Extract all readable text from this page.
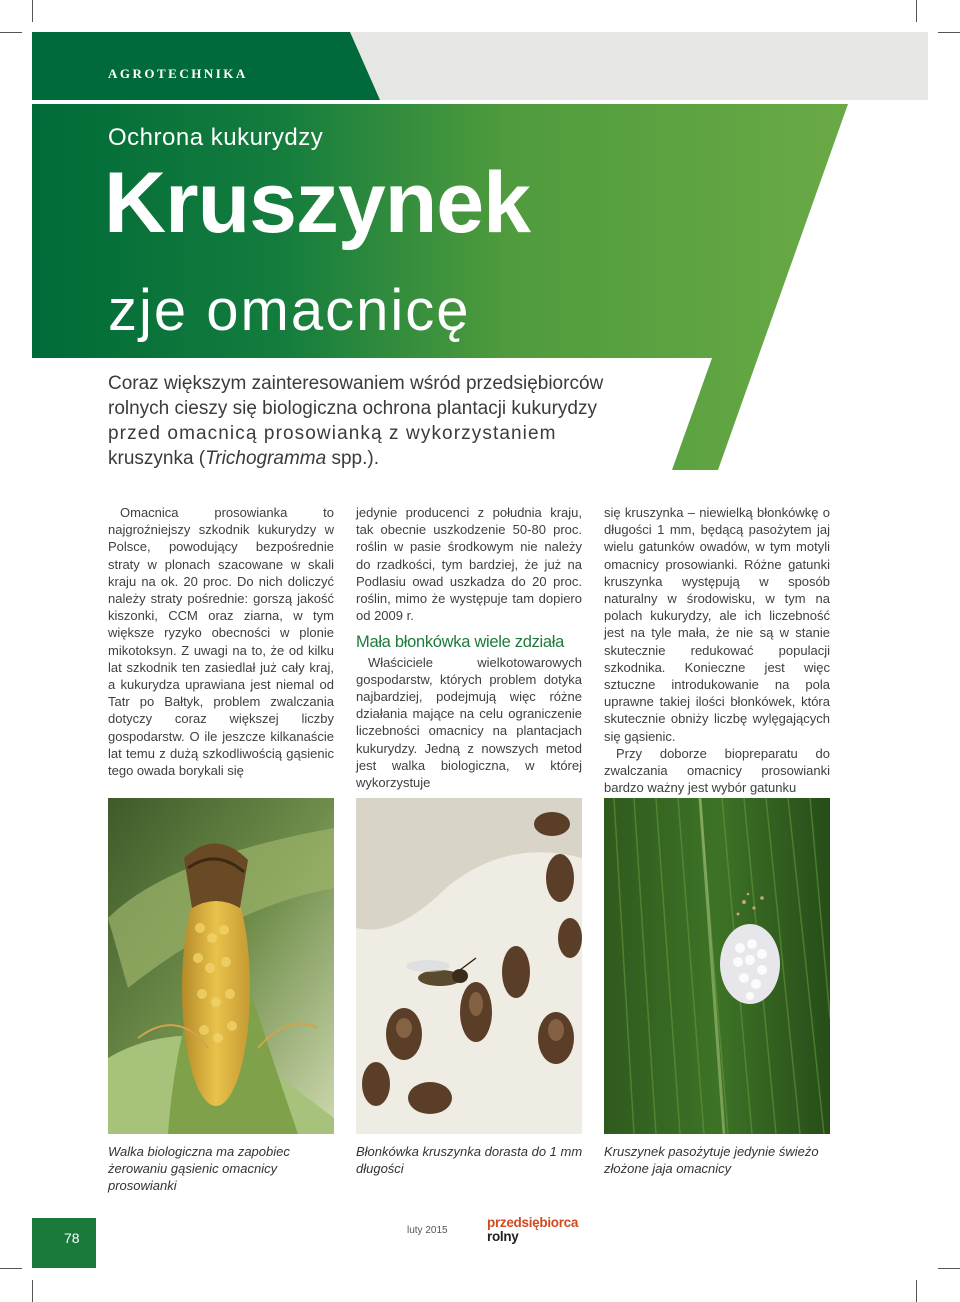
AGROTECHNIKA
Ochrona kukurydzy
Kruszynek
zje omacnicę
Coraz większym zainteresowaniem wśród przedsiębiorców
rolnych cieszy się biologiczna ochrona plantacji kukurydzy
przed omacnicą prosowianką z wykorzystaniem
kruszynka (Trichogramma spp.).

Omacnica prosowianka to najgroźniejszy szkodnik kukurydzy w Polsce, powodujący bezpośrednie straty w plonach szacowane w skali kraju na ok. 20 proc. Do nich doliczyć należy straty pośrednie: gorszą jakość kiszonki, CCM oraz ziarna, w tym większe ryzyko obecności w plonie mikotoksyn. Z uwagi na to, że od kilku lat szkodnik ten zasiedlał już cały kraj, a kukurydza uprawiana jest niemal od Tatr po Bałtyk, problem zwalczania dotyczy coraz większej liczby gospodarstw. O ile jeszcze kilkanaście lat temu z dużą szkodliwością gąsienic tego owada borykali się

jedynie producenci z południa kraju, tak obecnie uszkodzenie 50-80 proc. roślin w pasie środkowym nie należy do rzadkości, tym bardziej, że już na Podlasiu owad uszkadza do 20 proc. roślin, mimo że występuje tam dopiero od 2009 r.

Mała błonkówka wiele zdziała

Właściciele wielkotowarowych gospodarstw, których problem dotyka najbardziej, podejmują więc różne działania mające na celu ograniczenie liczebności omacnicy na plantacjach kukurydzy. Jedną z nowszych metod jest walka biologiczna, w której wykorzystuje

się kruszynka – niewielką błonkówkę o długości 1 mm, będącą pasożytem jaj wielu gatunków owadów, w tym motyli omacnicy prosowianki. Różne gatunki kruszynka występują w sposób naturalny w środowisku, w tym na polach kukurydzy, ale ich liczebność jest na tyle mała, że nie są w stanie skutecznie redukować populacji szkodnika. Konieczne jest więc sztuczne introdukowanie na pola uprawne takiej ilości błonkówek, która skutecznie obniży liczbę wylęgających się gąsienic.

Przy doborze biopreparatu do zwalczania omacnicy prosowianki bardzo ważny jest wybór gatunku

Walka biologiczna ma zapobiec żerowaniu gąsienic omacnicy prosowianki
Błonkówka kruszynka dorasta do 1 mm długości
Kruszynek pasożytuje jedynie świeżo złożone jaja omacnicy
78	luty 2015
przedsiębiorca
rolny
